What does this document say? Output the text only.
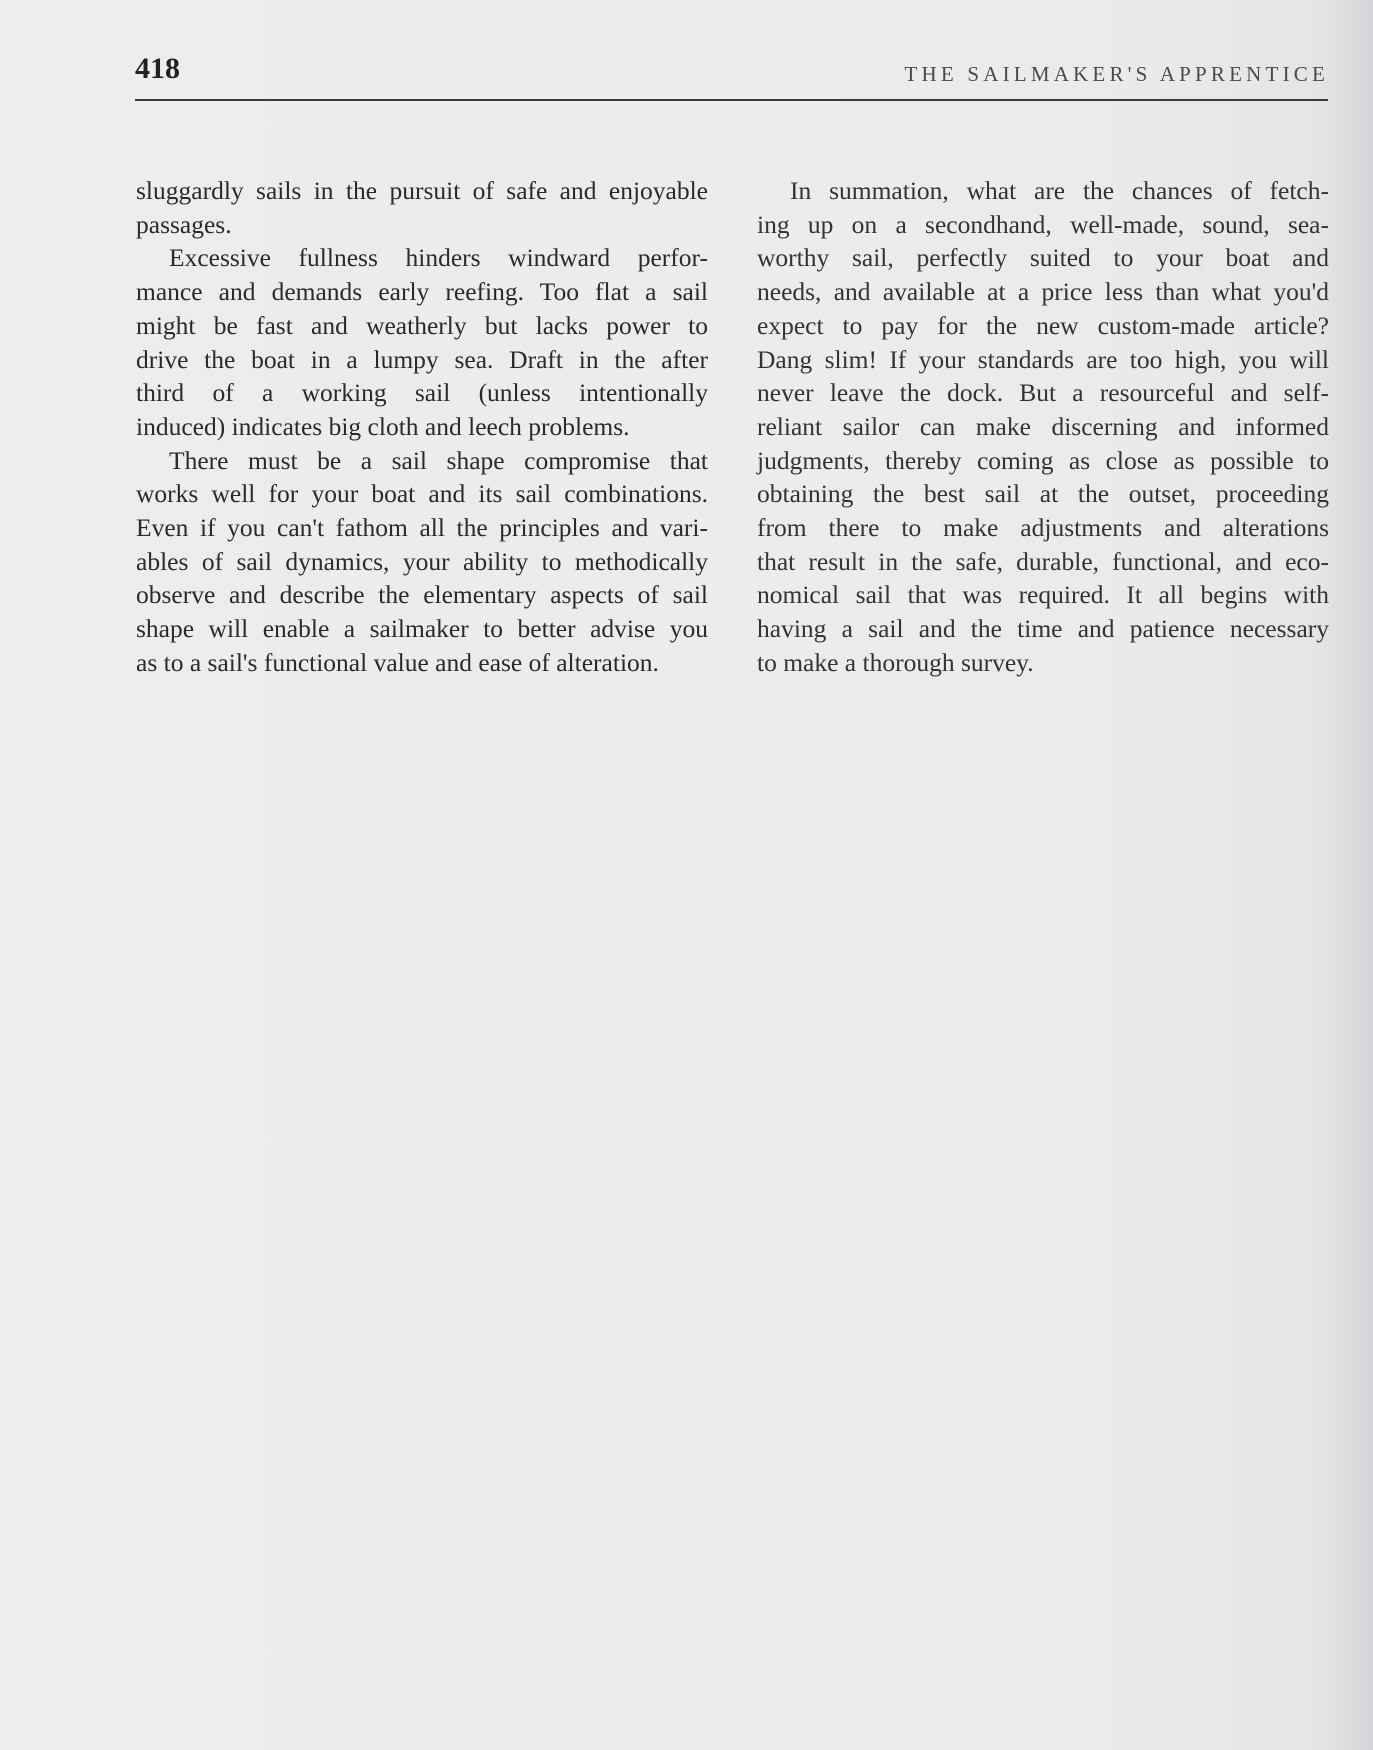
418	THE SAILMAKER'S APPRENTICE
sluggardly sails in the pursuit of safe and enjoyable
passages.
Excessive fullness hinders windward perfor-
mance and demands early reefing. Too flat a sail
might be fast and weatherly but lacks power to
drive the boat in a lumpy sea. Draft in the after
third of a working sail (unless intentionally
induced) indicates big cloth and leech problems.
There must be a sail shape compromise that
works well for your boat and its sail combinations.
Even if you can't fathom all the principles and vari-
ables of sail dynamics, your ability to methodically
observe and describe the elementary aspects of sail
shape will enable a sailmaker to better advise you
as to a sail's functional value and ease of alteration.
In summation, what are the chances of fetch-
ing up on a secondhand, well-made, sound, sea-
worthy sail, perfectly suited to your boat and
needs, and available at a price less than what you'd
expect to pay for the new custom-made article?
Dang slim! If your standards are too high, you will
never leave the dock. But a resourceful and self-
reliant sailor can make discerning and informed
judgments, thereby coming as close as possible to
obtaining the best sail at the outset, proceeding
from there to make adjustments and alterations
that result in the safe, durable, functional, and eco-
nomical sail that was required. It all begins with
having a sail and the time and patience necessary
to make a thorough survey.
